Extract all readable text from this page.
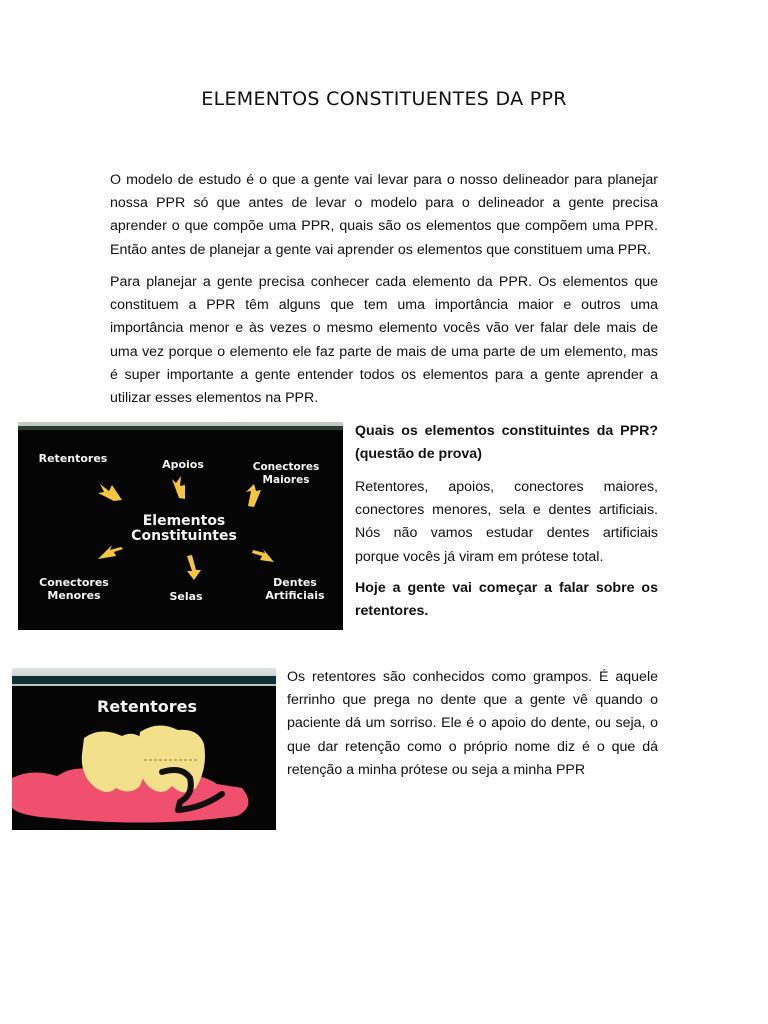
ELEMENTOS CONSTITUENTES DA PPR

O modelo de estudo é o que a gente vai levar para o nosso delineador para planejar nossa PPR só que antes de levar o modelo para o delineador a gente precisa aprender o que compõe uma PPR, quais são os elementos que compõem uma PPR. Então antes de planejar a gente vai aprender os elementos que constituem uma PPR.

Para planejar a gente precisa conhecer cada elemento da PPR. Os elementos que constituem a PPR têm alguns que tem uma importância maior e outros uma importância menor e às vezes o mesmo elemento vocês vão ver falar dele mais de uma vez porque o elemento ele faz parte de mais de uma parte de um elemento, mas é super importante a gente entender todos os elementos para a gente aprender a utilizar esses elementos na PPR.

Retentores	Apoios	Conectores
Maiores
Elementos
Constituintes
Conectores
Menores	Selas
Dentes
Artificiais

Quais os elementos constituintes da PPR? (questão de prova)

Retentores, apoios, conectores maiores, conectores menores, sela e dentes artificiais. Nós não vamos estudar dentes artificiais porque vocês já viram em prótese total.

Hoje a gente vai começar a falar sobre os retentores.

Retentores

Os retentores são conhecidos como grampos. É aquele ferrinho que prega no dente que a gente vê quando o paciente dá um sorriso. Ele é o apoio do dente, ou seja, o que dar retenção como o próprio nome diz é o que dá retenção a minha prótese ou seja a minha PPR
